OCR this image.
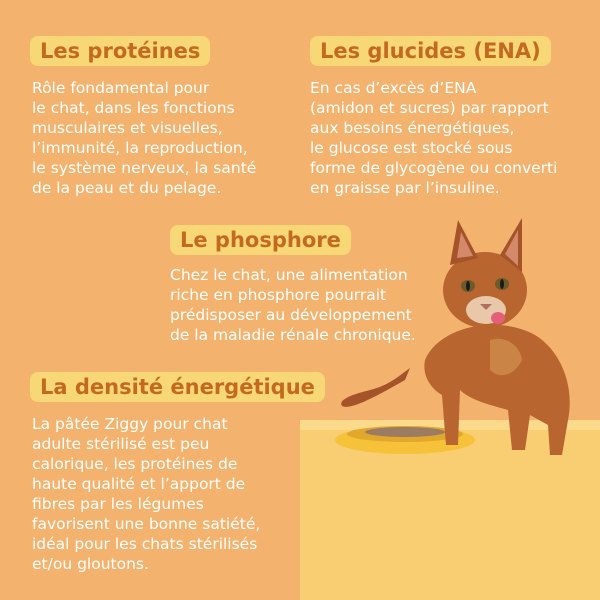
Les protéines
Rôle fondamental pour
le chat, dans les fonctions
musculaires et visuelles,
l’immunité, la reproduction,
le système nerveux, la santé
de la peau et du pelage.
Les glucides (ENA)
En cas d’excès d’ENA
(amidon et sucres) par rapport
aux besoins énergétiques,
le glucose est stocké sous
forme de glycogène ou converti
en graisse par l’insuline.
Le phosphore
Chez le chat, une alimentation
riche en phosphore pourrait
prédisposer au développement
de la maladie rénale chronique.
La densité énergétique
La pâtée Ziggy pour chat
adulte stérilisé est peu
calorique, les protéines de
haute qualité et l’apport de
fibres par les légumes
favorisent une bonne satiété,
idéal pour les chats stérilisés
et/ou gloutons.
